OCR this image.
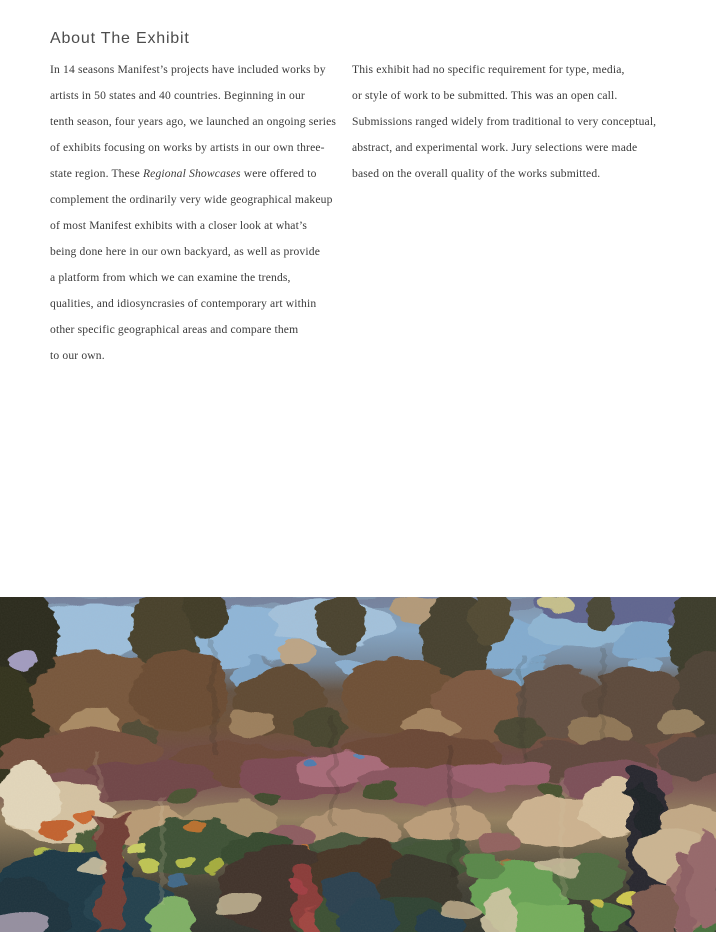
About The Exhibit
In 14 seasons Manifest’s projects have included works by
artists in 50 states and 40 countries. Beginning in our
tenth season, four years ago, we launched an ongoing series
of exhibits focusing on works by artists in our own three-
state region. These Regional Showcases were offered to
complement the ordinarily very wide geographical makeup
of most Manifest exhibits with a closer look at what’s
being done here in our own backyard, as well as provide
a platform from which we can examine the trends,
qualities, and idiosyncrasies of contemporary art within
other specific geographical areas and compare them
to our own.
This exhibit had no specific requirement for type, media,
or style of work to be submitted. This was an open call.
Submissions ranged widely from traditional to very conceptual,
abstract, and experimental work. Jury selections were made
based on the overall quality of the works submitted.
